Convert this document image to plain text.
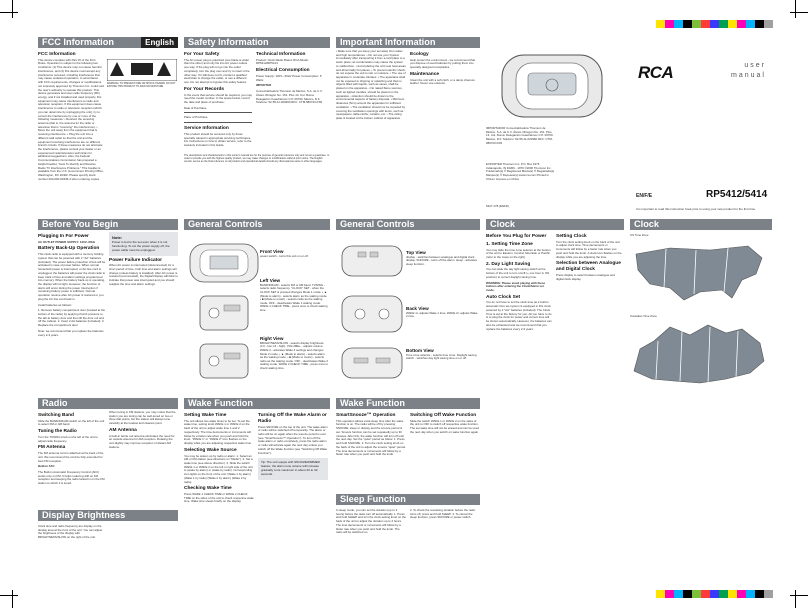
FCC Information	English
FCC Information
This device complies with Part 15 of the FCC Rules. Operation is subject to the following two conditions: (1) This device may not cause harmful interference, and (2) this device must accept any interference received, including interference that may cause undesired operation. In accordance with FCC requirements, changes or modifications not expressly approved by Thomson Inc. could void the user's authority to operate this product. This device generates and uses radio frequency (RF) energy, and if not installed and used properly, this equipment may cause interference to radio and television reception. If this equipment does cause interference to radio or television reception (which you can determine by unplugging the unit), try to correct the interference by one or more of the following measures: • Reorient the receiving antenna (that is, the antenna for the radio or television that is "receiving" the interference). • Move the unit away from the equipment that is receiving interference. • Plug the unit into a different wall outlet so that the unit and the equipment receiving interference are on different branch circuits. If these measures do not eliminate the interference, please consult your dealer or an experienced radio/television technician for additional suggestions. Also, the Federal Communications Commission has prepared a helpful booklet, "How To Identify and Resolve Radio TV Interference Problems." This booklet is available from the U.S. Government Printing Office, Washington, DC 20402. Please specify stock number 004-000-00345-4 when ordering copies.
WARNING: TO PREVENT FIRE OR SHOCK HAZARD, DO NOT EXPOSE THIS PRODUCT TO RAIN OR MOISTURE.
Safety Information
For Your Safety
The AC power plug is polarized (one blade is wider than the other) and only fits into AC power outlets one way. If the plug will not go into the outlet completely, turn the plug over and try to insert it the other way. If it still does not fit, contact a qualified electrician to change the outlet, or use a different one. Do not attempt to bypass this safety feature.
For Your Records
In the event that service should be required, you may need the model number. In the space below, record the date and place of purchase:
Date of Purchase
Place of Purchase
Service Information
This product should be serviced only by those specially trained in appropriate servicing techniques. For instructions on how to obtain service, refer to the warranty included in this Guide.
Technical Information
Product: Clock Radio Brand: RCA Model: RP5412/RP5414
Electrical Consumption
Power Supply: 120V~ 60Hz Power Consumption: 5 Watts
IMPORTER
Comercializadora Thomson de México, S.A. de C.V. Álvaro Obregón No. 151. Piso 13. Col. Roma. Delegación Cuauhtémoc C.P. 06700. México, D.F. Telefono: 52-55-11-020360 RFC: CTM-980723-KS5
The descriptions and characteristics in this owner's manual are for the purpose of general reference only and not as a guarantee. In order to provide you with the highest quality product, we may make changes or modifications without prior notice. The English version serves as the final reference on all product and operational details should any discrepancies arise in other languages.
Important Information
• Make sure that you keep your set away from water and high temperatures. • Do not use your System immediately after transporting it from a cold place to a warm place; as condensation may cause the system to malfunction. • Avoid placing the unit near heat areas and abnormally hot places. • To prevent electric shock, do not expose the unit to rain or moisture. • The use of apparatus in moderate climates. • The apparatus shall not be exposed to dripping or splashing and that no objects filled with liquids, such as vases, shall be placed on the apparatus. • No naked flame sources, such as lighted candles, should be placed on the apparatus. • Attention should be drawn to the environmental aspects of battery disposal. • Minimum distances (5cm) around the apparatus for sufficient ventilation. • The ventilation should not be impeded by covering the ventilation openings with items, such as newspapers, table-cloths, curtains, etc. • The rating plate is located at the bottom cabinet of apparatus.
Ecology
Help protect the environment - we recommend that you dispose of used batteries by putting them into specially designed receptacles.
Maintenance
Clean the unit with a soft cloth, or a damp chamois leather. Never use solvents.
RCA	user manual
IMPORTADOR Comercializadora Thomson de México, S.A. de C.V. Álvaro Obregón No. 151. Piso 13. Col. Roma. Delegación Cuauhtémoc C.P. 06700. México, D.F. Telefono: 52-55-11-020360 RFC: CTM-980723-KS5
EXPORTER Thomson Inc. P.O. Box 1976 Indianapolis, IN 46206 - 1976 ©2006 Thomson Inc. Trademark(s) ® Registered Marca(s) ® Registrada(s) Marque(s) ® Deposée(s) www.rca.com Printed in China / Impreso en China
5427-178 (ENFR)
EN/F/E	RP5412/5414
It is important to read this instruction book prior to using your new product for the first time.
Before You Begin
Plugging In For Power
AC OUTLET POWER SUPPLY: 120V~60Hz
Battery Back-Up Operation
This clock radio is equipped with a memory holding system that can be powered with 2 "AA" batteries (included). The power failure protection circuit will be activated in case of power failure. When normal household power is interrupted, or AC line cord is unplugged, the batteries will power the clock radio to keep track of time and alarm settings programmed into memory. When the battery back-up is operating, the display will not light. However, the function of alarm will occur during the power interruption if remaining battery power is sufficient. Normal operation resume after AC power is restored or you plug the AC line cord back in.
Install batteries as follows:
1. Remove battery compartment door (located at the bottom of the radio) by applying thumb pressure to the tab at battery door and then lift the door out and off the cabinet. 2. Insert 2 AA batteries (included). 3. Replace the compartment door.
Note: we recommend that you replace the batteries every 2-3 years.
Note:
Power is fed to the set even when it is not functioning. To cut the power supply off, the power cable must be unplugged.
Power Failure Indicator
When AC power is interrupted (disconnected) for a short period of time, both time and alarm settings will change (unless battery is installed). After AC power is restored (reconnected), the Digital Display will blink to indicate that power was interrupted and you should readjust the time and alarm settings.
General Controls
Front View
power switch - turns this unit on or off.
Left View
BAND/FM•AM - selects FM or AM band. TUNING - selects radio frequency. "CLOCK" SET - when the CLOCK SET is pressed changes Mode 1 mode. • ▲ (Mode to alarm) - selects alarm as the waking mode. • ■ (Mode to music) - selects radio as the waking mode. OFF - deactivates Wake 1 waking mode. WAKE 1 CHECK TIME - press once to check waking time.
Right View
BRIGHTNESS/SLOW - selects display brightness (LO - low; HI - high). VOLUME+ - adjusts volume. WAKE 2 - activates Wake 2 settings and changes Mode 2 mode. • ▲ (Mode to alarm) - selects alarm as the waking mode. • ■ (Mode to music) - selects radio as the waking mode. OFF - deactivates Wake 2 waking mode. WAKE 2 CHECK TIME - press once to check waking time.
General Controls
Top View
display - switches between analogue and digital clock display. SNOOZE - turns off the alarm. sleep - activates sleep function.
Back View
WAKE 1/- adjusts Wake 1 time. WAKE 2/- adjusts Wake 2 time.
Bottom View
Time zone selector - selects time zone. Daylight saving switch - switches day light saving time on or off.
Clock
Before You Plug for Power
1. Setting Time Zone
You may slide the time zone selector at the bottom of the unit to Eastern, Central, Mountain or Pacific (refer to the maps on the right).
2. Day Light Saving
You can slide the day light saving switch at the bottom of the unit to turn on/off (+ one hour in ON position) to correct daylight saving time.
WARNING: Please avoid playing with these buttons after entering the Clock/Alarm set mode.
Auto Clock Set
You do not have to set the clock time as a built-in automatic time set system is equipped in this clock powered by 2 "AA" batteries (included). The Clock Time is set at the factory for you. All you have to do is to plug the clock for power and current time will be shown automatically. However, the batteries can also be exhausted and we recommend that you replace the batteries every 2-3 years.
Setting Clock
Turn the clock setting knob on the back of the unit to adjust clock time. Time decrements or increments will follow by a faster rate when you push and hold the knob. A clock icon flashes on the display while you are adjusting the time.
Selection between Analogue and Digital Clock
Press display to select between analogue and digital clock display.
Clock
US Time Zone
Canadian Time Zone
Radio
Switching Band
Slide the BAND/FM•AM switch on the left of the unit to select FM or AM band.
Tuning the Radio
Turn the TUNING knob on the left of the unit to adjust radio frequency.
FM Antenna
The FM antenna cord is attached at the back of the unit. We recommend the cord be fully extended for best FM reception.
Built-in AFC
The Built-in Automatic Frequency Control (AFC) works only on FM. It helps reducing drift on FM reception and keeping the radio locked in on the FM station to which it is tuned.
When tuning in FM stations, you may notice that the station you are tuning can be well-tuned on two or three dial points, but the station will always tune carefully at the loudest and clearest point.
AM Antenna
A built-in ferrite rod antenna eliminates the need for an outside antenna for AM reception. Rotating the unit slightly may improve reception of distant AM stations.
Display Brightness
Clock time and radio frequency are display on the display area at the front of the unit. You can adjust the brightness of the display with BRIGHTNESS/SLOW on the right of the unit.
Wake Function
Setting Wake Time
The unit allows two wake times to be set. To set the wake time, setting knob WAKE 1 or WAKE 2 on the back of the unit to adjust wake time 1 and 2 respectively. The time decrements or increments will follow by a faster rate when you push and hold the knob. "WAKE 1" or "WAKE 2" icon flashes on the display while you are adjusting respective wake time.
Selecting Wake Source
You may be woken up by radio or alarm. 1. Select an AM or FM station (see directions on "Radio"). 2. Set a wake time (see above direction). 3. Slide the switch WAKE 1 or WAKE 2 on the left or right side of the unit to (wake by alarm) or (wake by radio). Corresponding icon lights on the front of the unit: (Wake 1 by alarm) (Wake 1 by radio) (Wake 2 by alarm) (Wake 2 by radio)
Checking Wake Time
Press WAKE 1 CHECK TIME or WAKE 2 CHECK TIME on the sides of the unit to check respective wake time. Wake time shows briefly on the display.
Turning Off the Wake Alarm or Radio
Press SNOOZE on the top of the unit. The wake alarm or radio will be switched off temporarily. The alarm or radio will be on again when the snooze period is over (see "SmartSnooze™ Operation"). To turn off the wake alarm or radio completely, press the radio alarm or radio will activate again the next day unless you switch off the Wake function (see "Switching Off Wake Function").
Tip: The unit equips with SNOOZE/DIMMER feature, the alarm tone volume will increase gradually to its maximum in about 20 to 40 seconds.
Wake Function
SmartSnooze™ Operation
This operation allows extra sleep time after the wake function is on. The radio will be off by pressing SNOOZE, sleep or display and the snooze period is set. Snooze function can be set repeatedly up to 30 minutes. After this, the wake function will turn off until the next day. Set the "quiet" period as follow: 1. Press and hold SNOOZE. 2. Turn the clock setting knob on the back of the unit to adjust the snooze "quiet" period. The time decrements or increments will follow by a faster rate when you push and hold the knob.
Switching Off Wake Function
Slide the switch WAKE 1 or WAKE 2 on the sides of the unit to OFF to switch off respective wake function. The set wake time will not be erased and can be used the next day when you switch on wake function again.
Sleep Function
In sleep mode, you can set the duration (up to 2 hours) before the radio turn off automatically. 1. Press and hold SLEEP and turn the clock setting knob on the back of the unit to adjust the duration up to 2 hours. The time decrements or increments will follow by a faster rate when you push and hold the knob. The radio will be switched on.
2. To check the remaining duration before the radio turns off, press and hold SLEEP. 3. To cancel the sleep function, press SNOOZE or power switch.
